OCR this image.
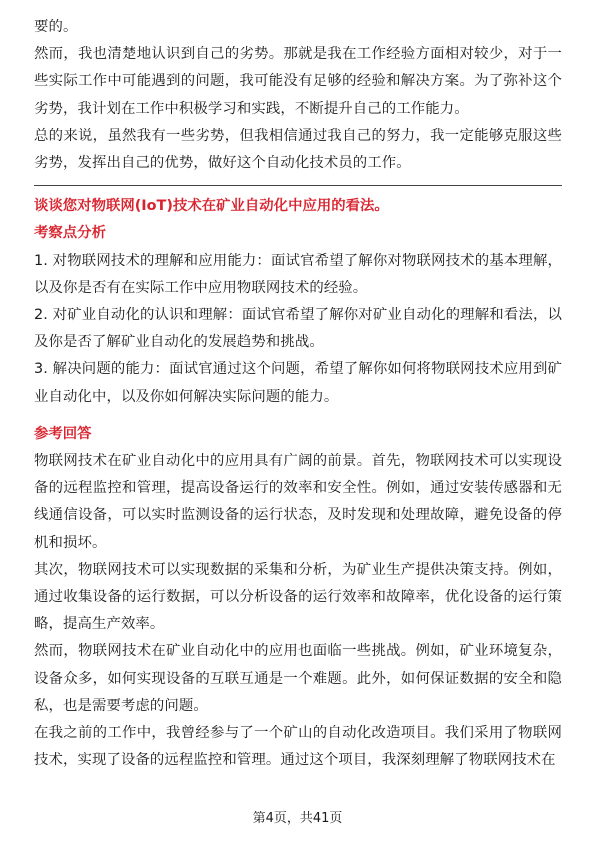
要的。

然而，我也清楚地认识到自己的劣势。那就是我在工作经验方面相对较少，对于一些实际工作中可能遇到的问题，我可能没有足够的经验和解决方案。为了弥补这个劣势，我计划在工作中积极学习和实践，不断提升自己的工作能力。

总的来说，虽然我有一些劣势，但我相信通过我自己的努力，我一定能够克服这些劣势，发挥出自己的优势，做好这个自动化技术员的工作。

谈谈您对物联网(IoT)技术在矿业自动化中应用的看法。
考察点分析

1. 对物联网技术的理解和应用能力：面试官希望了解你对物联网技术的基本理解，以及你是否有在实际工作中应用物联网技术的经验。

2. 对矿业自动化的认识和理解：面试官希望了解你对矿业自动化的理解和看法，以及你是否了解矿业自动化的发展趋势和挑战。

3. 解决问题的能力：面试官通过这个问题，希望了解你如何将物联网技术应用到矿业自动化中，以及你如何解决实际问题的能力。

参考回答

物联网技术在矿业自动化中的应用具有广阔的前景。首先，物联网技术可以实现设备的远程监控和管理，提高设备运行的效率和安全性。例如，通过安装传感器和无线通信设备，可以实时监测设备的运行状态，及时发现和处理故障，避免设备的停机和损坏。

其次，物联网技术可以实现数据的采集和分析，为矿业生产提供决策支持。例如，通过收集设备的运行数据，可以分析设备的运行效率和故障率，优化设备的运行策略，提高生产效率。

然而，物联网技术在矿业自动化中的应用也面临一些挑战。例如，矿业环境复杂，设备众多，如何实现设备的互联互通是一个难题。此外，如何保证数据的安全和隐私，也是需要考虑的问题。

在我之前的工作中，我曾经参与了一个矿山的自动化改造项目。我们采用了物联网技术，实现了设备的远程监控和管理。通过这个项目，我深刻理解了物联网技术在

第4页，共41页
